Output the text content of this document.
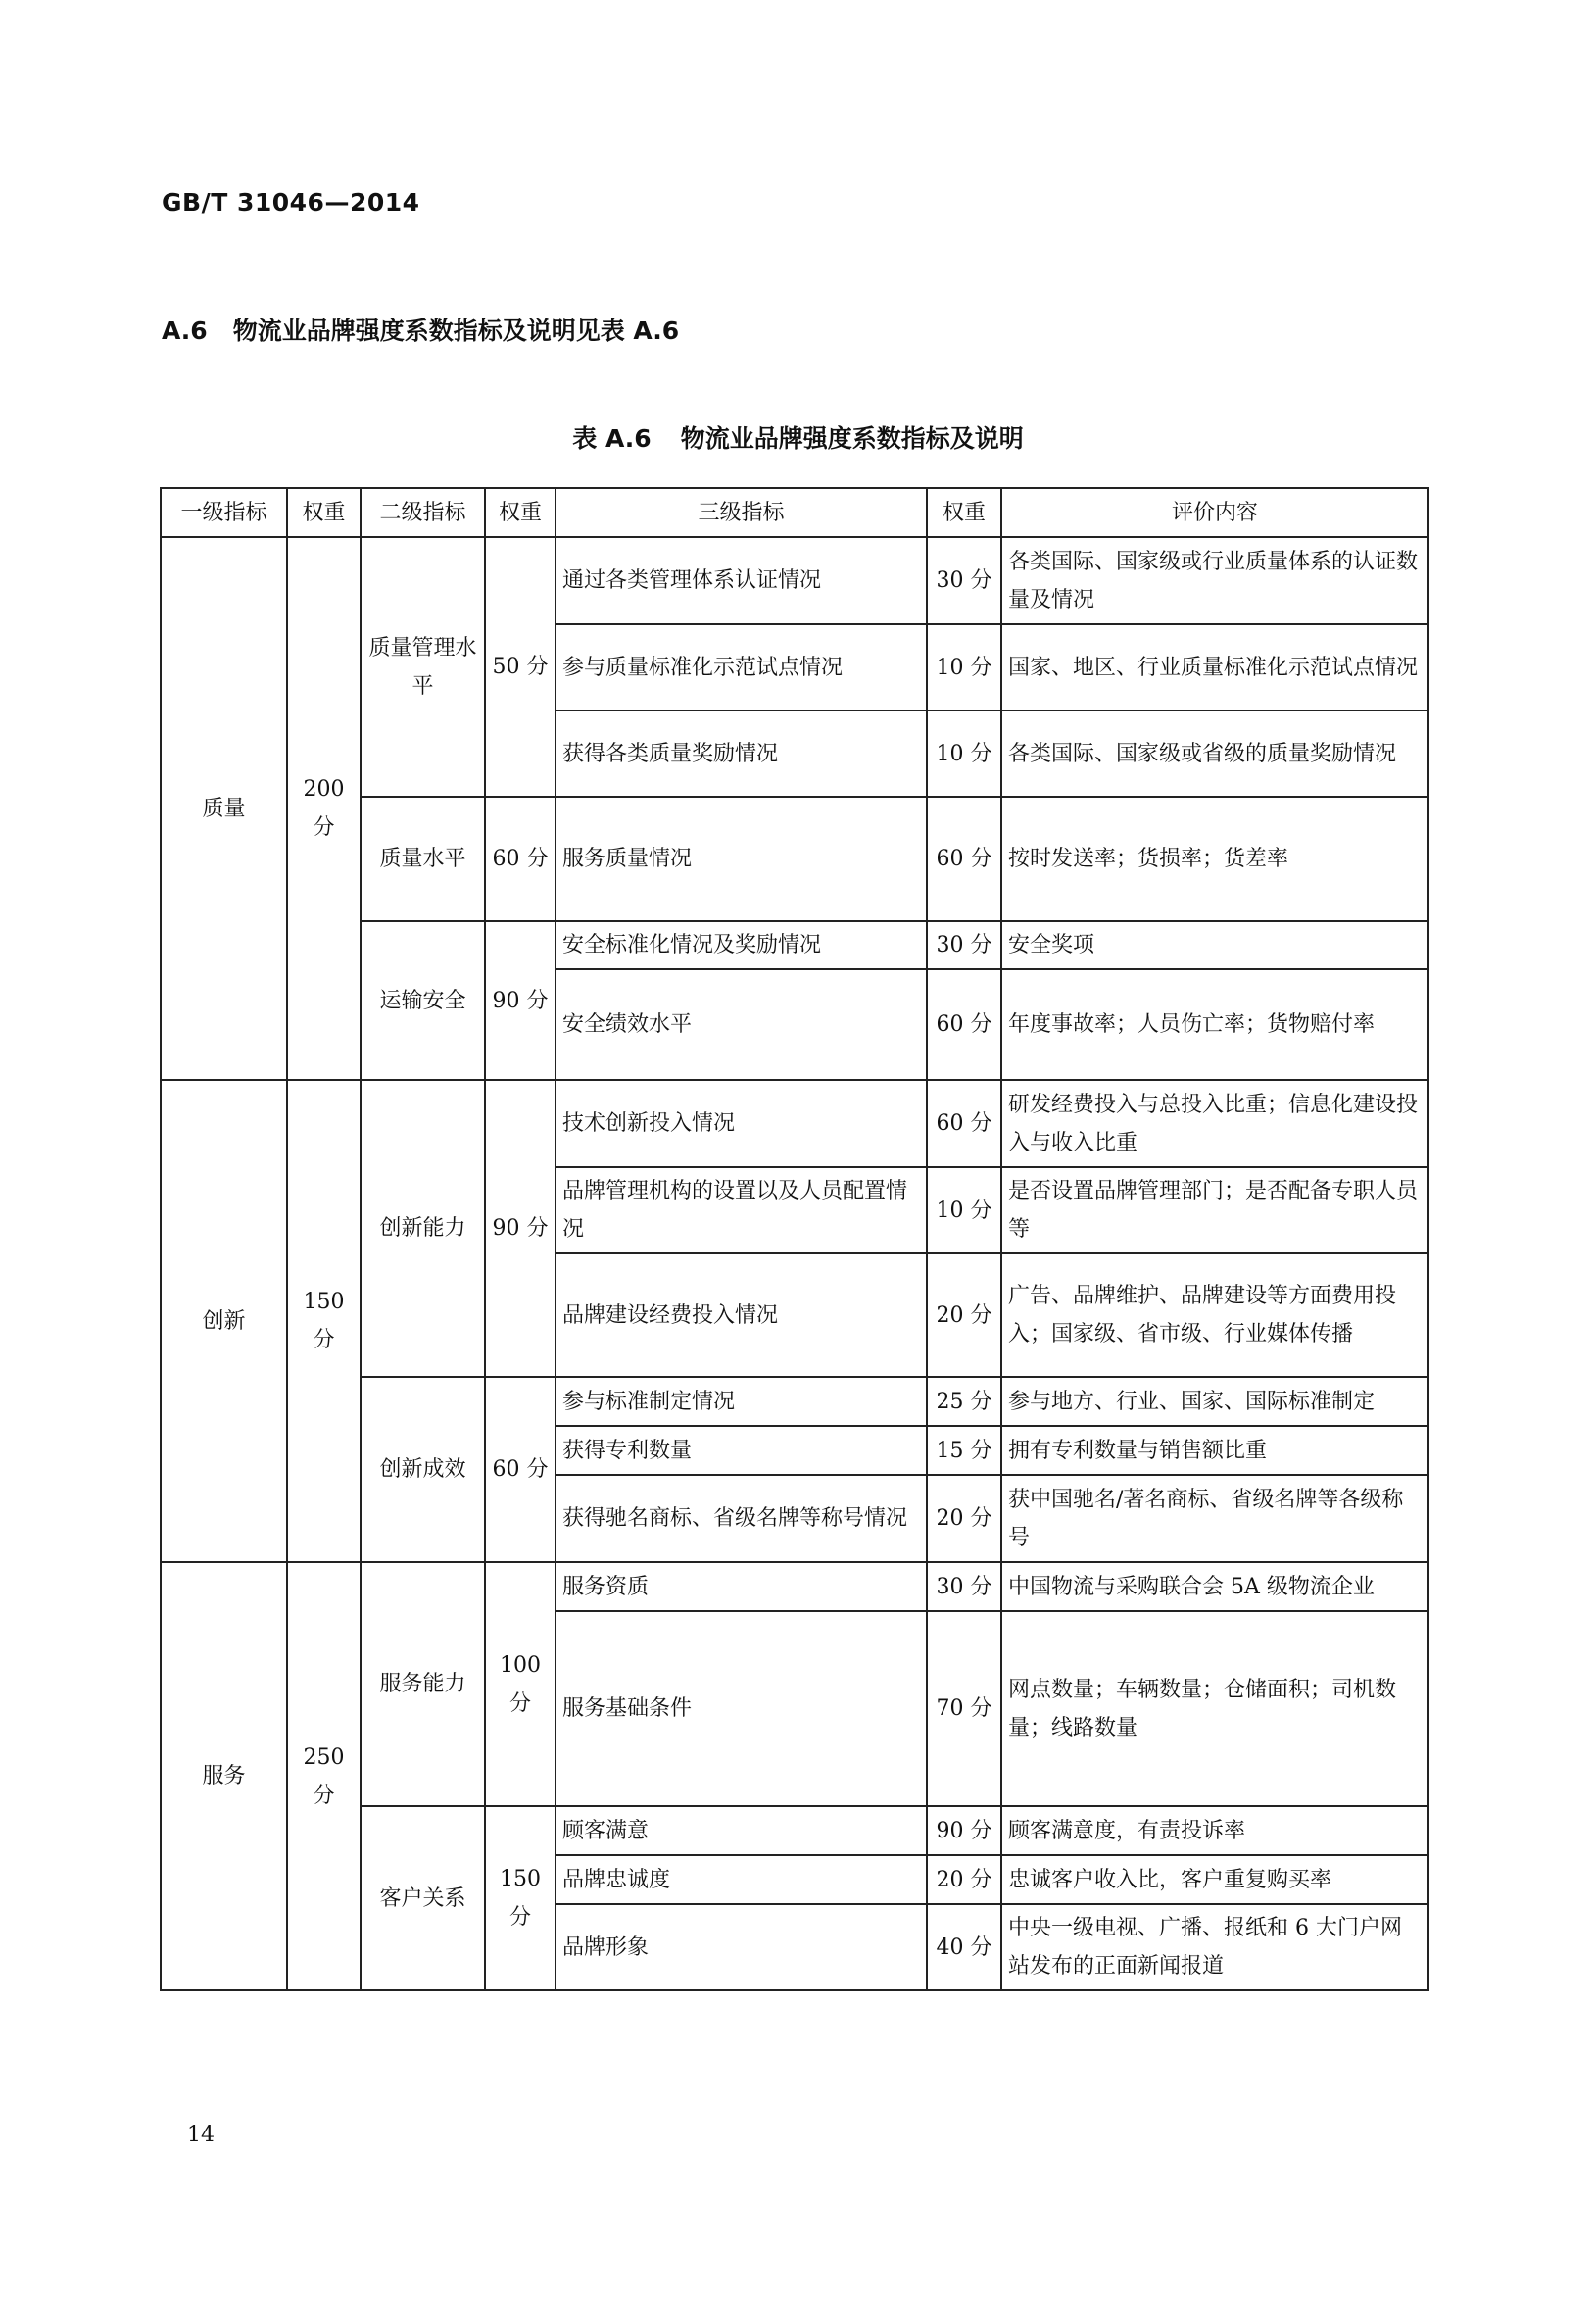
GB/T 31046—2014
A.6 物流业品牌强度系数指标及说明见表 A.6
表 A.6 物流业品牌强度系数指标及说明
一级指标	权重	二级指标	权重	三级指标	权重	评价内容
质量	200 分	质量管理水平	50 分	通过各类管理体系认证情况	30 分	各类国际、国家级或行业质量体系的认证数量及情况
				参与质量标准化示范试点情况	10 分	国家、地区、行业质量标准化示范试点情况
				获得各类质量奖励情况	10 分	各类国际、国家级或省级的质量奖励情况
		质量水平	60 分	服务质量情况	60 分	按时发送率；货损率；货差率
		运输安全	90 分	安全标准化情况及奖励情况	30 分	安全奖项
				安全绩效水平	60 分	年度事故率；人员伤亡率；货物赔付率

创新	150 分	创新能力	90 分	技术创新投入情况	60 分	研发经费投入与总投入比重；信息化建设投入与收入比重
				品牌管理机构的设置以及人员配置情况	10 分	是否设置品牌管理部门；是否配备专职人员等
				品牌建设经费投入情况	20 分	广告、品牌维护、品牌建设等方面费用投入；国家级、省市级、行业媒体传播
		创新成效	60 分	参与标准制定情况	25 分	参与地方、行业、国家、国际标准制定
				获得专利数量	15 分	拥有专利数量与销售额比重
				获得驰名商标、省级名牌等称号情况	20 分	获中国驰名/著名商标、省级名牌等各级称号
服务	250 分	服务能力	100 分	服务资质	30 分	中国物流与采购联合会 5A 级物流企业
				服务基础条件	70 分	网点数量；车辆数量；仓储面积；司机数量；线路数量
		客户关系	150 分	顾客满意	90 分	顾客满意度，有责投诉率
				品牌忠诚度	20 分	忠诚客户收入比，客户重复购买率
				品牌形象	40 分	中央一级电视、广播、报纸和 6 大门户网站发布的正面新闻报道
14
